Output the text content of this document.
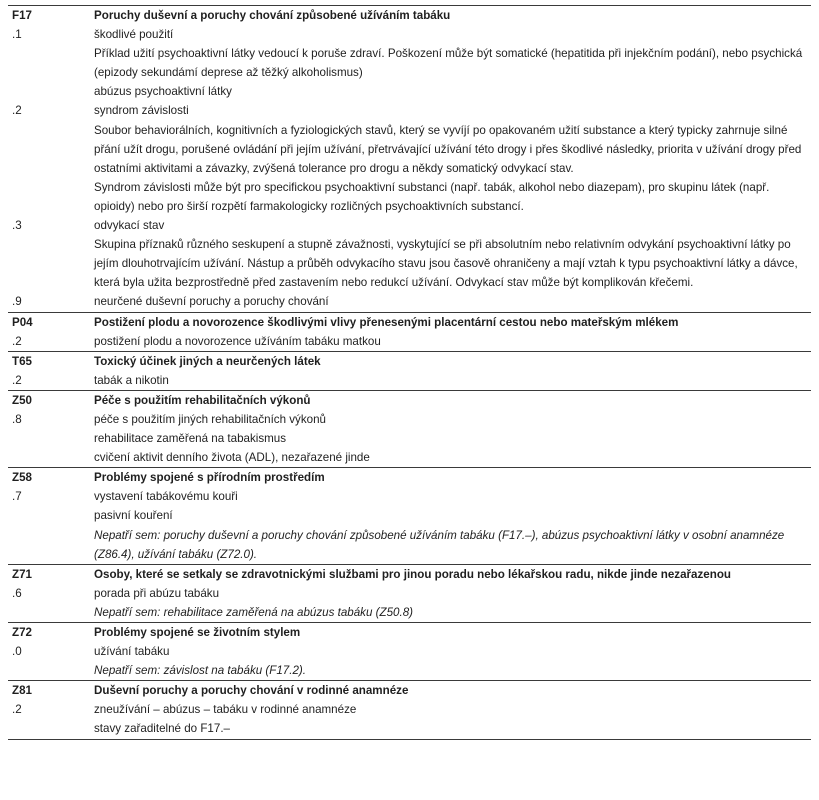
F17	Poruchy duševní a poruchy chování způsobené užíváním tabáku
.1	škodlivé použití
Příklad užití psychoaktivní látky vedoucí k poruše zdraví. Poškození může být somatické (hepatitida při injekčním podání), nebo psychická (epizody sekundámí deprese až těžký alkoholismus)
abúzus psychoaktivní látky
.2	syndrom závislosti
Soubor behaviorálních, kognitivních a fyziologických stavů, který se vyvíjí po opakovaném užití substance a který typicky zahrnuje silné přání užít drogu, porušené ovládání při jejím užívání, přetrvávající užívání této drogy i přes škodlivé následky, priorita v užívání drogy před ostatními aktivitami a závazky, zvýšená tolerance pro drogu a někdy somatický odvykací stav.
Syndrom závislosti může být pro specifickou psychoaktivní substanci (např. tabák, alkohol nebo diazepam), pro skupinu látek (např. opioidy) nebo pro širší rozpětí farmakologicky rozličných psychoaktivních substancí.
.3	odvykací stav
Skupina příznaků různého seskupení a stupně závažnosti, vyskytující se při absolutním nebo relativním odvykání psychoaktivní látky po jejím dlouhotrvajícím užívání. Nástup a průběh odvykacího stavu jsou časově ohraničeny a mají vztah k typu psychoaktivní látky a dávce, která byla užita bezprostředně před zastavením nebo redukcí užívání. Odvykací stav může být komplikován křečemi.
.9	neurčené duševní poruchy a poruchy chování
P04	Postižení plodu a novorozence škodlivými vlivy přenesenými placentární cestou nebo mateřským mlékem
.2	postižení plodu a novorozence užíváním tabáku matkou
T65	Toxický účinek jiných a neurčených látek
.2	tabák a nikotin
Z50	Péče s použitím rehabilitačních výkonů
.8	péče s použitím jiných rehabilitačních výkonů
rehabilitace zaměřená na tabakismus
cvičení aktivit denního života (ADL), nezařazené jinde
Z58	Problémy spojené s přírodním prostředím
.7	vystavení tabákovému kouři
pasivní kouření
Nepatří sem: poruchy duševní a poruchy chování způsobené užíváním tabáku (F17.–), abúzus psychoaktivní látky v osobní anamnéze (Z86.4), užívání tabáku (Z72.0).
Z71	Osoby, které se setkaly se zdravotnickými službami pro jinou poradu nebo lékařskou radu, nikde jinde nezařazenou
.6	porada při abúzu tabáku
Nepatří sem: rehabilitace zaměřená na abúzus tabáku (Z50.8)
Z72	Problémy spojené se životním stylem
.0	užívání tabáku
Nepatří sem: závislost na tabáku (F17.2).
Z81	Duševní poruchy a poruchy chování v rodinné anamnéze
.2	zneužívání – abúzus – tabáku v rodinné anamnéze
stavy zařaditelné do F17.–
